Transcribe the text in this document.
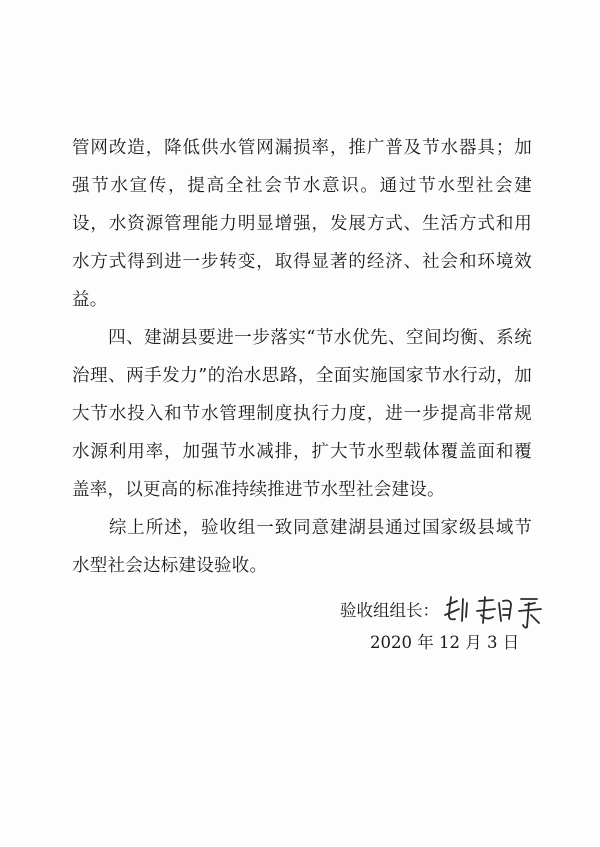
管网改造，降低供水管网漏损率，推广普及节水器具；加强节水宣传，提高全社会节水意识。通过节水型社会建设，水资源管理能力明显增强，发展方式、生活方式和用水方式得到进一步转变，取得显著的经济、社会和环境效益。

　　四、建湖县要进一步落实“节水优先、空间均衡、系统治理、两手发力”的治水思路，全面实施国家节水行动，加大节水投入和节水管理制度执行力度，进一步提高非常规水源利用率，加强节水减排，扩大节水型载体覆盖面和覆盖率，以更高的标准持续推进节水型社会建设。

　　综上所述，验收组一致同意建湖县通过国家级县域节水型社会达标建设验收。

验收组组长：
2020 年 12 月 3 日
